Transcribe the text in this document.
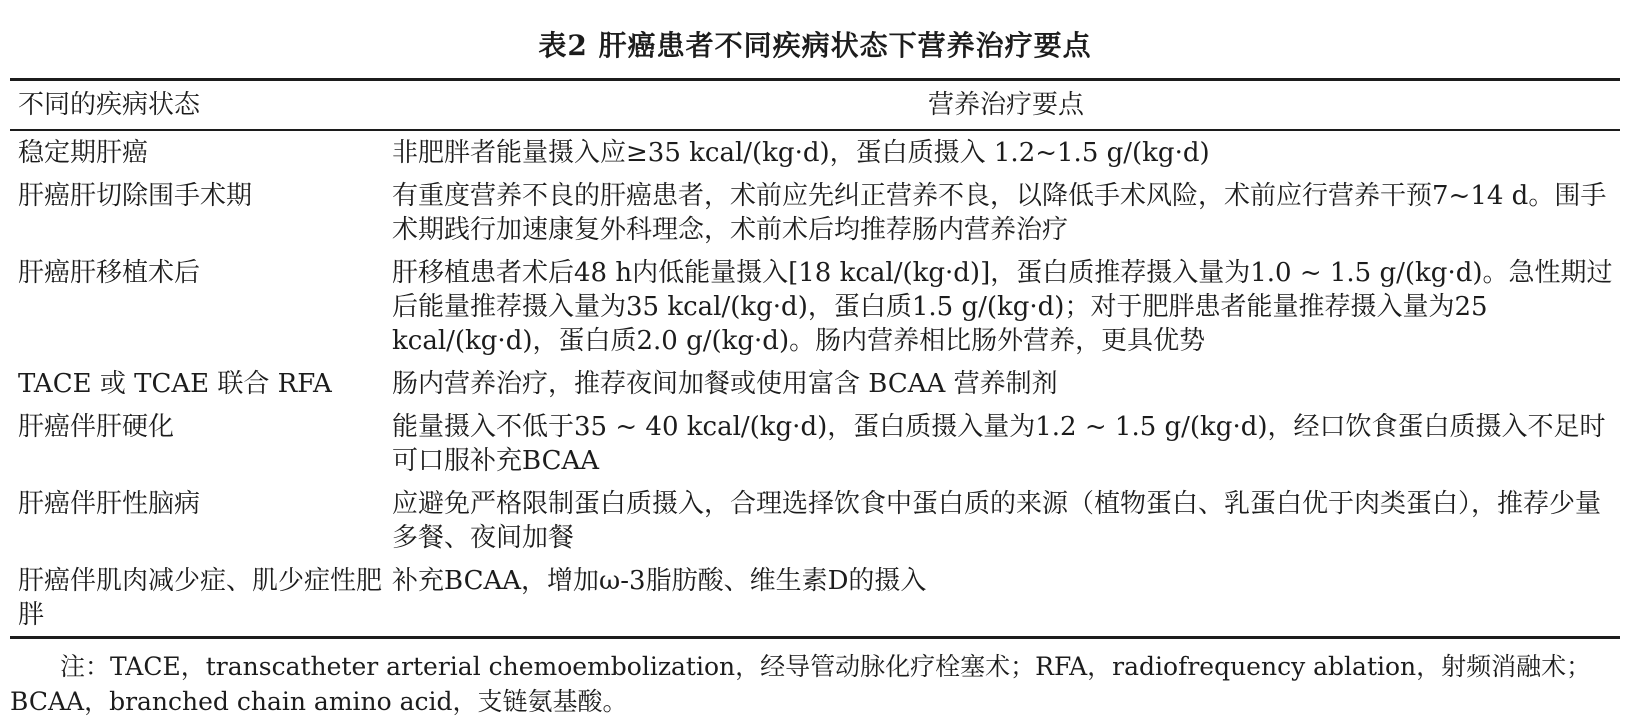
表2 肝癌患者不同疾病状态下营养治疗要点

不同的疾病状态	营养治疗要点
稳定期肝癌	非肥胖者能量摄入应≥35 kcal/(kg·d)，蛋白质摄入 1.2~1.5 g/(kg·d)
肝癌肝切除围手术期	有重度营养不良的肝癌患者，术前应先纠正营养不良，以降低手术风险，术前应行营养干预7~14 d。围手术期践行加速康复外科理念，术前术后均推荐肠内营养治疗
肝癌肝移植术后	肝移植患者术后48 h内低能量摄入[18 kcal/(kg·d)]，蛋白质推荐摄入量为1.0 ~ 1.5 g/(kg·d)。急性期过后能量推荐摄入量为35 kcal/(kg·d)，蛋白质1.5 g/(kg·d)；对于肥胖患者能量推荐摄入量为25 kcal/(kg·d)，蛋白质2.0 g/(kg·d)。肠内营养相比肠外营养，更具优势
TACE 或 TCAE 联合 RFA	肠内营养治疗，推荐夜间加餐或使用富含 BCAA 营养制剂
肝癌伴肝硬化	能量摄入不低于35 ~ 40 kcal/(kg·d)，蛋白质摄入量为1.2 ~ 1.5 g/(kg·d)，经口饮食蛋白质摄入不足时可口服补充BCAA
肝癌伴肝性脑病	应避免严格限制蛋白质摄入，合理选择饮食中蛋白质的来源（植物蛋白、乳蛋白优于肉类蛋白），推荐少量多餐、夜间加餐
肝癌伴肌肉减少症、肌少症性肥胖	补充BCAA，增加ω-3脂肪酸、维生素D的摄入

注：TACE，transcatheter arterial chemoembolization，经导管动脉化疗栓塞术；RFA，radiofrequency ablation，射频消融术；BCAA，branched chain amino acid，支链氨基酸。
